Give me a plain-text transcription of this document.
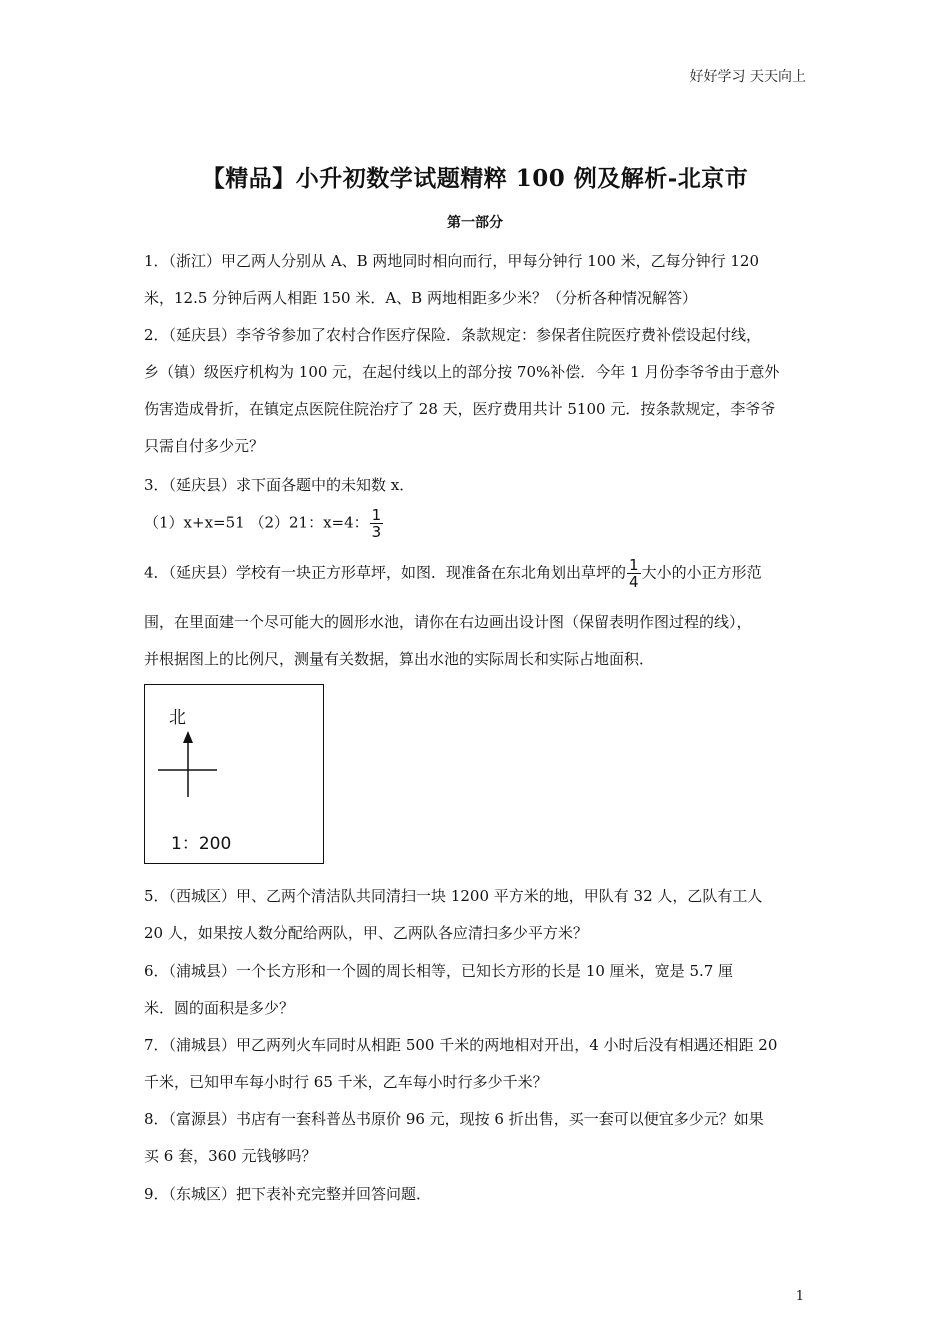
好好学习 天天向上
【精品】小升初数学试题精粹 100 例及解析-北京市
第一部分
1．（浙江）甲乙两人分别从 A、B 两地同时相向而行，甲每分钟行 100 米，乙每分钟行 120
米，12.5 分钟后两人相距 150 米．A、B 两地相距多少米？（分析各种情况解答）
2．（延庆县）李爷爷参加了农村合作医疗保险．条款规定：参保者住院医疗费补偿设起付线，
乡（镇）级医疗机构为 100 元，在起付线以上的部分按 70%补偿．今年 1 月份李爷爷由于意外
伤害造成骨折，在镇定点医院住院治疗了 28 天，医疗费用共计 5100 元．按条款规定，李爷爷
只需自付多少元？
3．（延庆县）求下面各题中的未知数 x．
（1）x+x=51 （2）21：x=4： $\frac{1}{3}$
4．（延庆县）学校有一块正方形草坪，如图．现准备在东北角划出草坪的 $\frac{1}{4}$ 大小的小正方形范
围，在里面建一个尽可能大的圆形水池，请你在右边画出设计图（保留表明作图过程的线），
并根据图上的比例尺，测量有关数据，算出水池的实际周长和实际占地面积．
北
1：200
5．（西城区）甲、乙两个清洁队共同清扫一块 1200 平方米的地，甲队有 32 人，乙队有工人
20 人，如果按人数分配给两队，甲、乙两队各应清扫多少平方米？
6．（浦城县）一个长方形和一个圆的周长相等，已知长方形的长是 10 厘米，宽是 5.7 厘
米．圆的面积是多少？
7．（浦城县）甲乙两列火车同时从相距 500 千米的两地相对开出，4 小时后没有相遇还相距 20
千米，已知甲车每小时行 65 千米，乙车每小时行多少千米？
8．（富源县）书店有一套科普丛书原价 96 元，现按 6 折出售，买一套可以便宜多少元？如果
买 6 套，360 元钱够吗？
9．（东城区）把下表补充完整并回答问题．
1
